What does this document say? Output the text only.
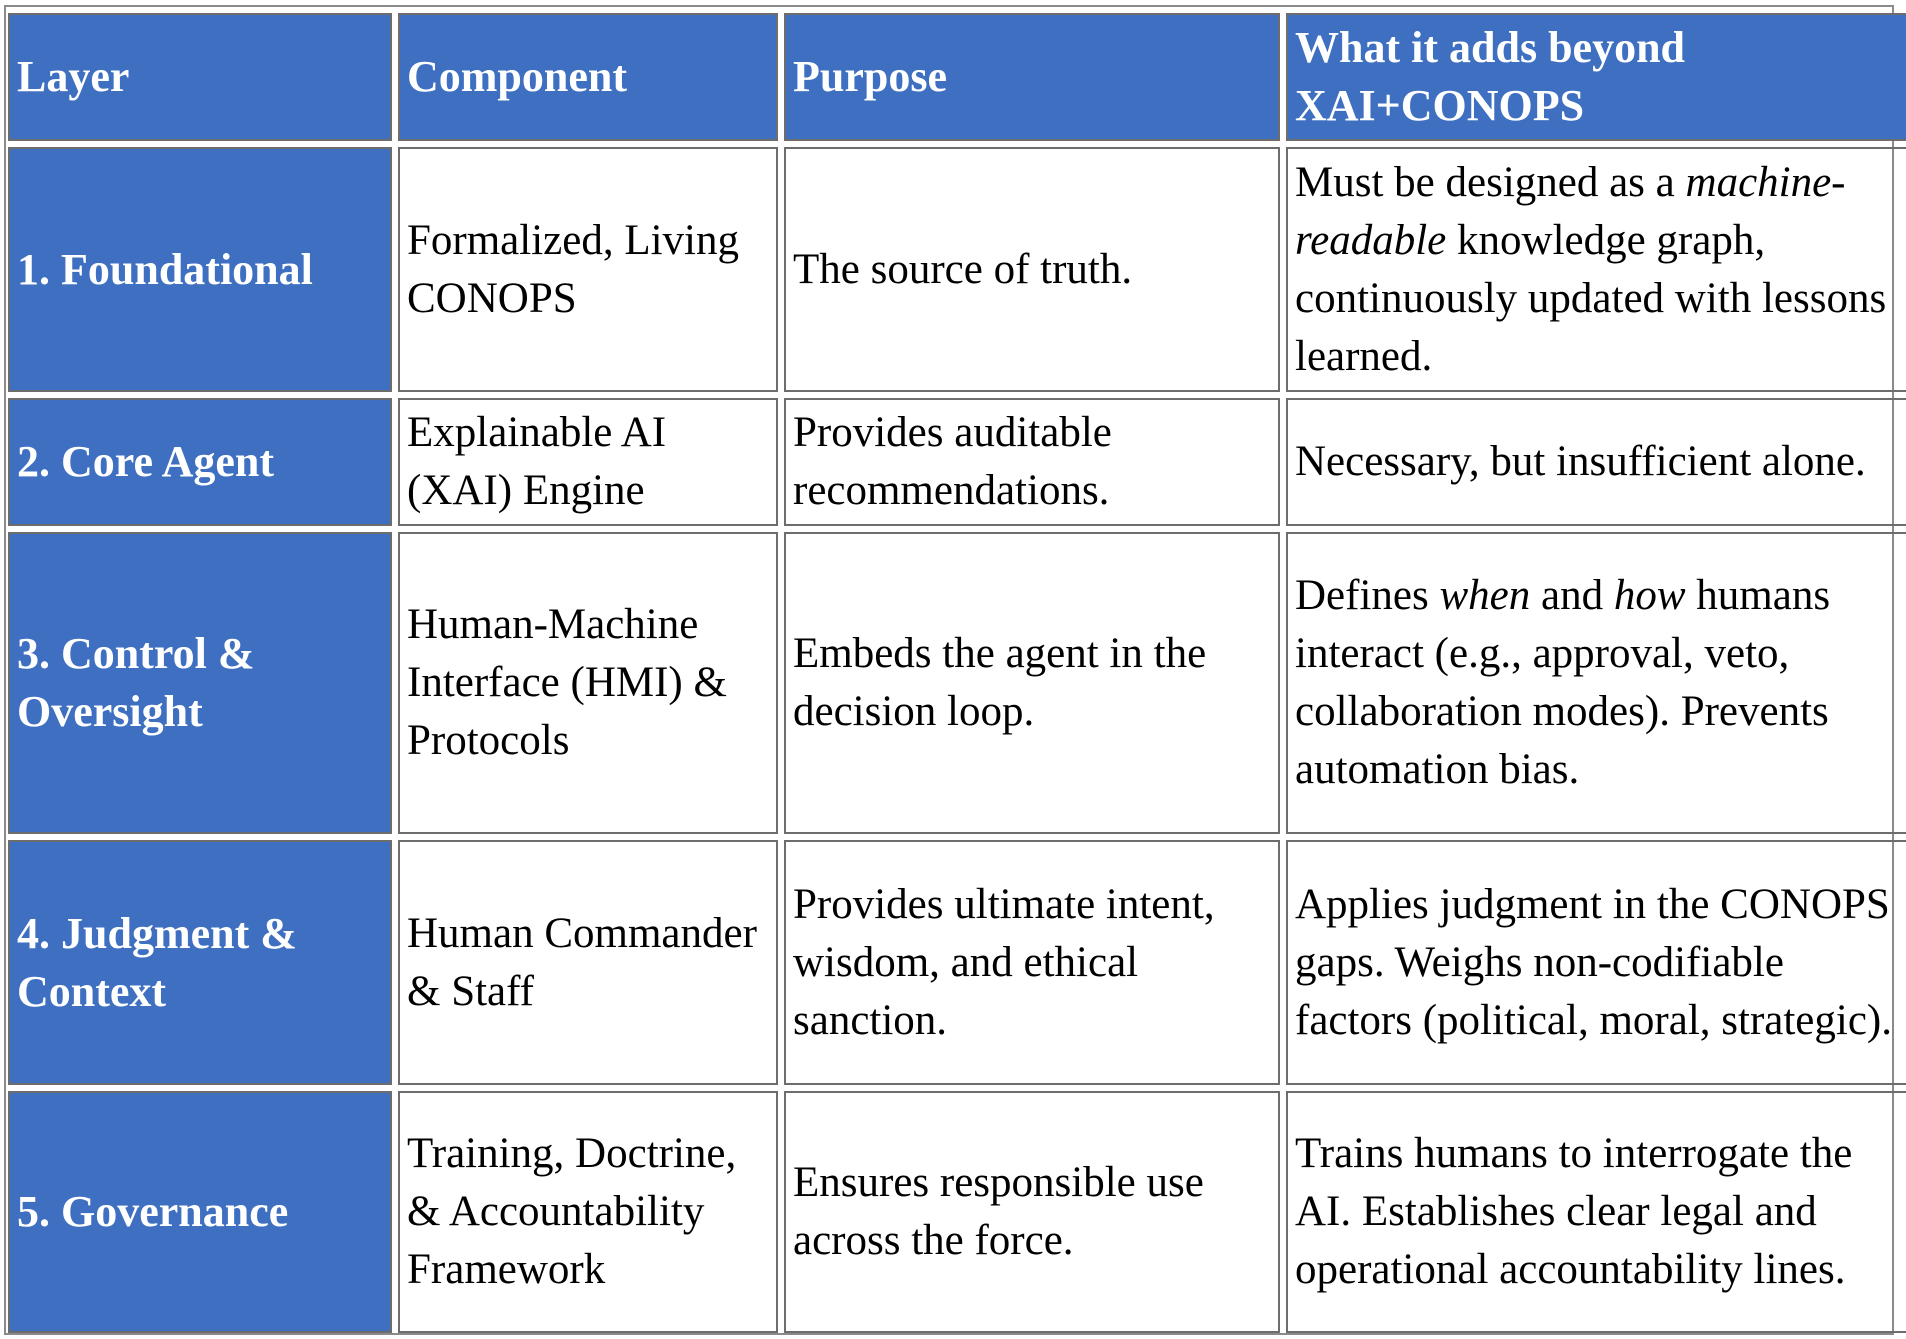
Layer	Component	Purpose	What it adds beyond XAI+CONOPS
1. Foundational	Formalized, Living CONOPS	The source of truth.	Must be designed as a machine-readable knowledge graph, continuously updated with lessons learned.
2. Core Agent	Explainable AI (XAI) Engine	Provides auditable recommendations.	Necessary, but insufficient alone.
3. Control & Oversight	Human-Machine Interface (HMI) & Protocols	Embeds the agent in the decision loop.	Defines when and how humans interact (e.g., approval, veto, collaboration modes). Prevents automation bias.
4. Judgment & Context	Human Commander & Staff	Provides ultimate intent, wisdom, and ethical sanction.	Applies judgment in the CONOPS gaps. Weighs non-codifiable factors (political, moral, strategic).
5. Governance	Training, Doctrine, & Accountability Framework	Ensures responsible use across the force.	Trains humans to interrogate the AI. Establishes clear legal and operational accountability lines.
